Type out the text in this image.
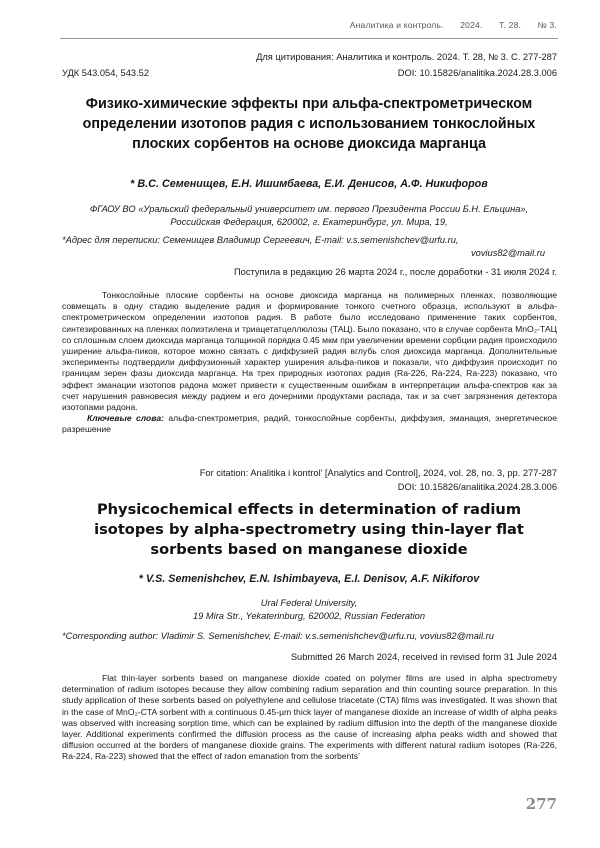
Аналитика и контроль. 2024. Т. 28. № 3.
Для цитирования: Аналитика и контроль. 2024. Т. 28, № 3. С. 277-287
УДК 543.054, 543.52	DOI: 10.15826/analitika.2024.28.3.006
Физико-химические эффекты при альфа-спектрометрическом определении изотопов радия с использованием тонкослойных плоских сорбентов на основе диоксида марганца
* В.С. Семенищев, Е.Н. Ишимбаева, Е.И. Денисов, А.Ф. Никифоров
ФГАОУ ВО «Уральский федеральный университет им. первого Президента России Б.Н. Ельцина»,
Российская Федерация, 620002, г. Екатеринбург, ул. Мира, 19,
*Адрес для переписки: Семенищев Владимир Сергеевич, E-mail: v.s.semenishchev@urfu.ru,
vovius82@mail.ru
Поступила в редакцию 26 марта 2024 г., после доработки - 31 июля 2024 г.

Тонкослойные плоские сорбенты на основе диоксида марганца на полимерных пленках, позволяющие совмещать в одну стадию выделение радия и формирование тонкого счетного образца, используют в альфа-спектрометрическом определении изотопов радия. В работе было исследовано применение таких сорбентов, синтезированных на пленках полиэтилена и триацетатцеллюлозы (ТАЦ). Было показано, что в случае сорбента MnO₂-ТАЦ со сплошным слоем диоксида марганца толщиной порядка 0.45 мкм при увеличении времени сорбции радия происходило уширение альфа-пиков, которое можно связать с диффузией радия вглубь слоя диоксида марганца. Дополнительные эксперименты подтвердили диффузионный характер уширения альфа-пиков и показали, что диффузия происходит по границам зерен фазы диоксида марганца. На трех природных изотопах радия (Ra-226, Ra-224, Ra-223) показано, что эффект эманации изотопов радона может привести к существенным ошибкам в интерпретации альфа-спектров как за счет нарушения равновесия между радием и его дочерними продуктами распада, так и за счет загрязнения детектора изотопами радона.

Ключевые слова: альфа-спектрометрия, радий, тонкослойные сорбенты, диффузия, эманация, энергетическое разрешение
For citation: Analitika i kontrol’ [Analytics and Control], 2024, vol. 28, no. 3, pp. 277-287
DOI: 10.15826/analitika.2024.28.3.006
Physicochemical effects in determination of radium isotopes by alpha-spectrometry using thin-layer flat sorbents based on manganese dioxide
* V.S. Semenishchev, E.N. Ishimbayeva, E.I. Denisov, A.F. Nikiforov
Ural Federal University,
19 Mira Str., Yekaterinburg, 620002, Russian Federation
*Corresponding author: Vladimir S. Semenishchev, E-mail: v.s.semenishchev@urfu.ru, vovius82@mail.ru
Submitted 26 March 2024, received in revised form 31 Jule 2024

Flat thin-layer sorbents based on manganese dioxide coated on polymer films are used in alpha spectrometry determination of radium isotopes because they allow combining radium separation and thin counting source preparation. In this study application of these sorbents based on polyethylene and cellulose triacetate (CTA) films was investigated. It was shown that in the case of MnO₂-CTA sorbent with a continuous 0.45-µm thick layer of manganese dioxide an increase of width of alpha peaks was observed with increasing sorption time, which can be explained by radium diffusion into the depth of the manganese dioxide layer. Additional experiments confirmed the diffusion process as the cause of increasing alpha peaks width and showed that diffusion occurred at the borders of manganese dioxide grains. The experiments with different natural radium isotopes (Ra-226, Ra-224, Ra-223) showed that the effect of radon emanation from the sorbents’

277
